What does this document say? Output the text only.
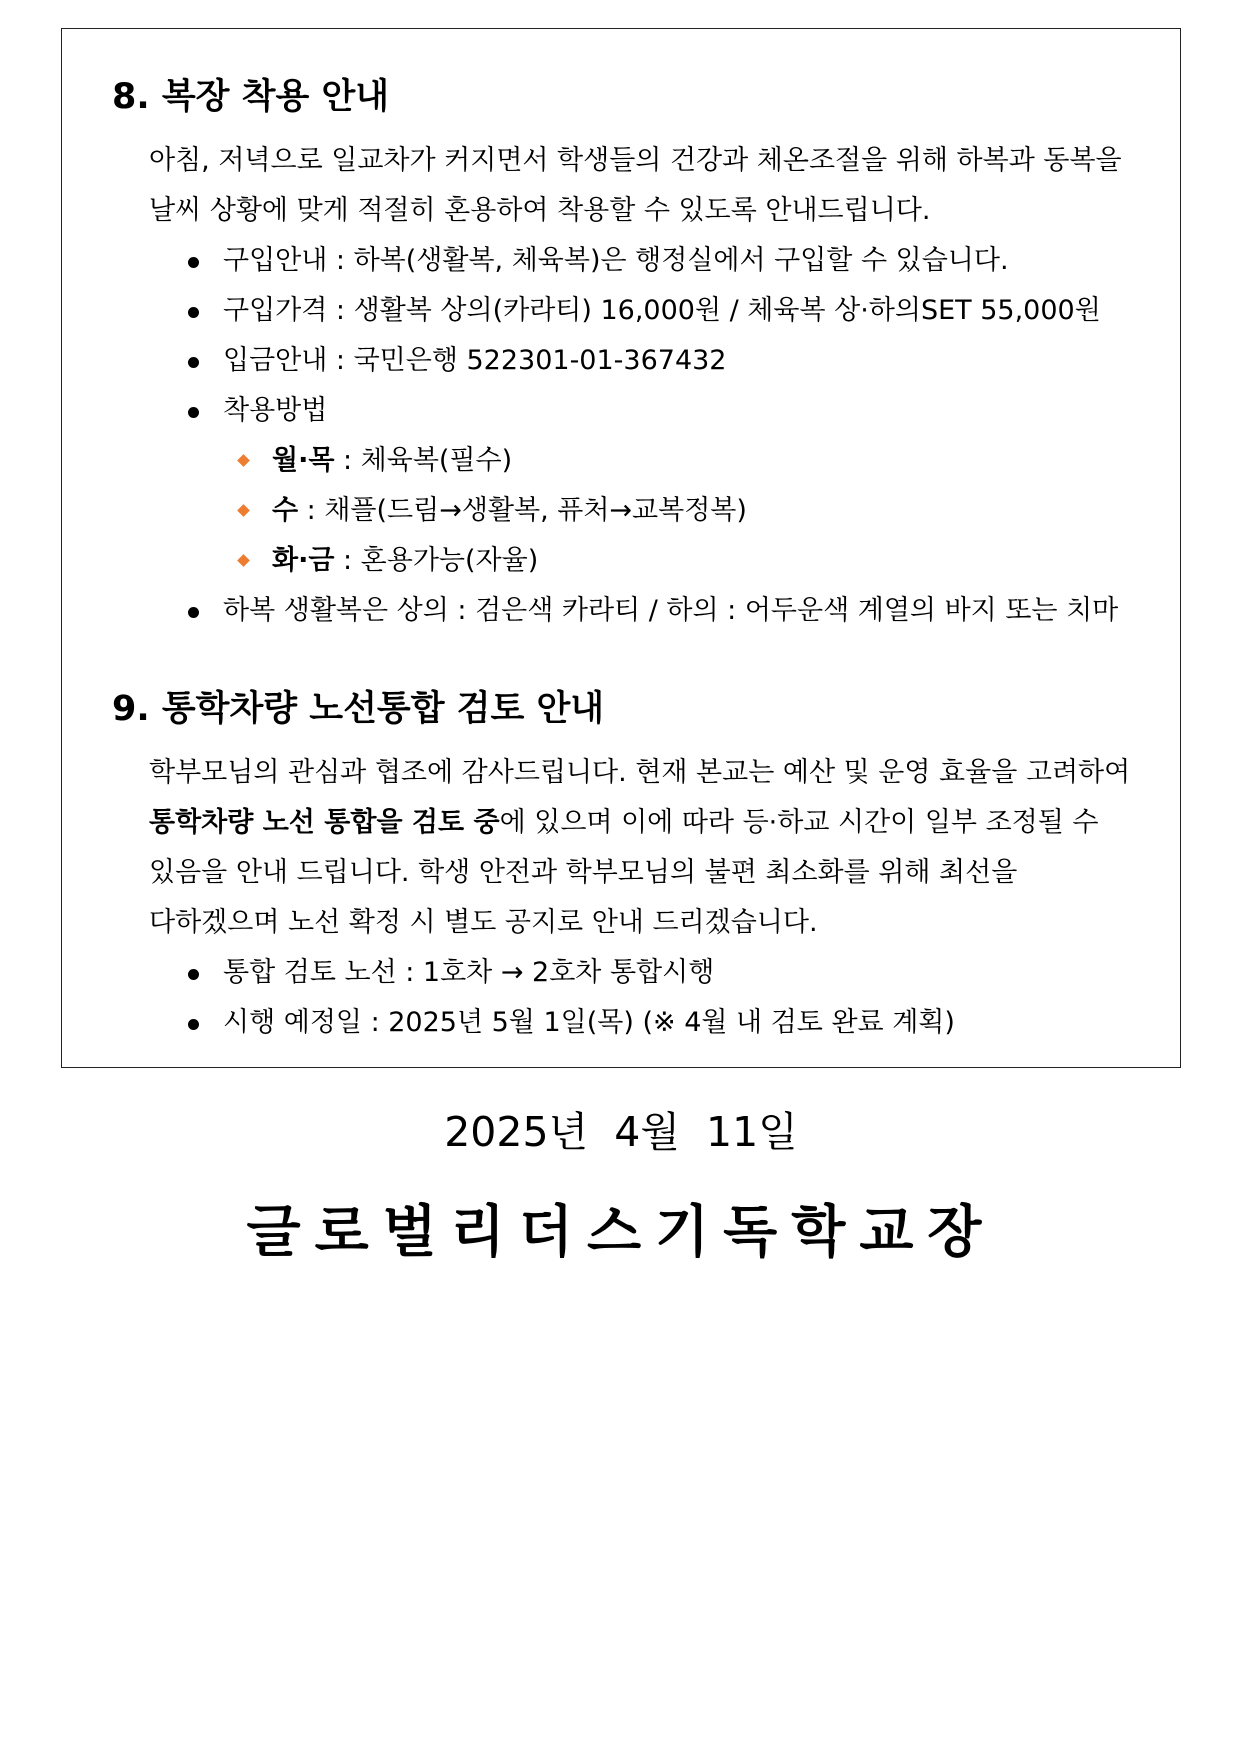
8. 복장 착용 안내
아침, 저녁으로 일교차가 커지면서 학생들의 건강과 체온조절을 위해 하복과 동복을
날씨 상황에 맞게 적절히 혼용하여 착용할 수 있도록 안내드립니다.
구입안내 : 하복(생활복, 체육복)은 행정실에서 구입할 수 있습니다.
구입가격 : 생활복 상의(카라티) 16,000원 / 체육복 상·하의SET 55,000원
입금안내 : 국민은행 522301-01-367432
착용방법
월·목 : 체육복(필수)
수 : 채플(드림→생활복, 퓨처→교복정복)
화·금 : 혼용가능(자율)
하복 생활복은 상의 : 검은색 카라티 / 하의 : 어두운색 계열의 바지 또는 치마
9. 통학차량 노선통합 검토 안내
학부모님의 관심과 협조에 감사드립니다. 현재 본교는 예산 및 운영 효율을 고려하여
통학차량 노선 통합을 검토 중에 있으며 이에 따라 등·하교 시간이 일부 조정될 수
있음을 안내 드립니다. 학생 안전과 학부모님의 불편 최소화를 위해 최선을
다하겠으며 노선 확정 시 별도 공지로 안내 드리겠습니다.
통합 검토 노선 : 1호차 → 2호차 통합시행
시행 예정일 : 2025년 5월 1일(목) (※ 4월 내 검토 완료 계획)
2025년  4월  11일
글로벌리더스기독학교장
